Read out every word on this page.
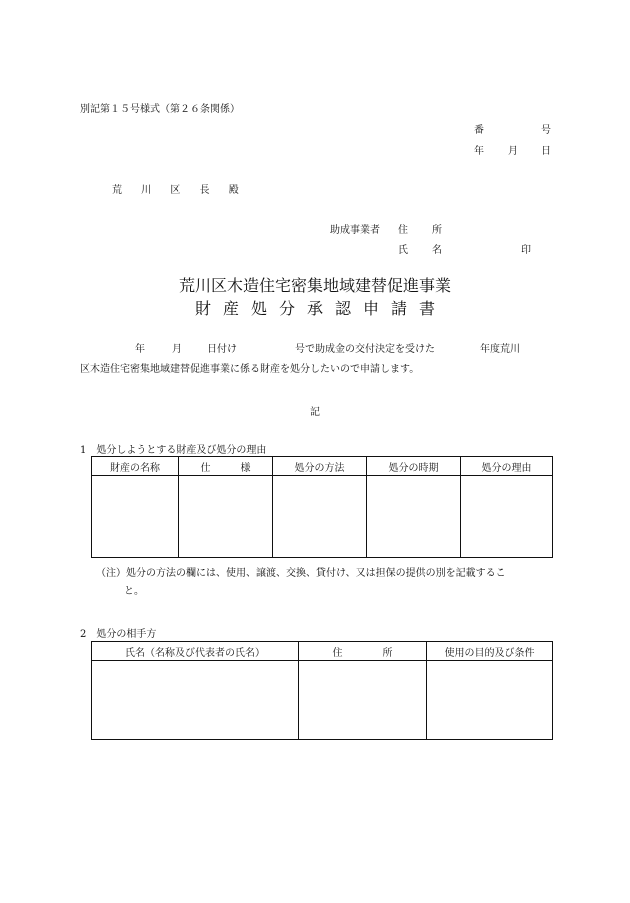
別記第１５号様式（第２６条関係）
番	号
年 月 日
荒 川 区 長 殿
助成事業者 住 所
氏 名	印
荒川区木造住宅密集地域建替促進事業
財産処分承認申請書
年	月	日付け	号で助成金の交付決定を受けた	年度荒川
区木造住宅密集地域建替促進事業に係る財産を処分したいので申請します。
記
1 処分しようとする財産及び処分の理由
財産の名称	仕　　　様	処分の方法	処分の時期	処分の理由

（注）処分の方法の欄には、使用、譲渡、交換、貸付け、又は担保の提供の別を記載するこ
と。
2 処分の相手方
氏名（名称及び代表者の氏名）	住　　　　所	使用の目的及び条件
